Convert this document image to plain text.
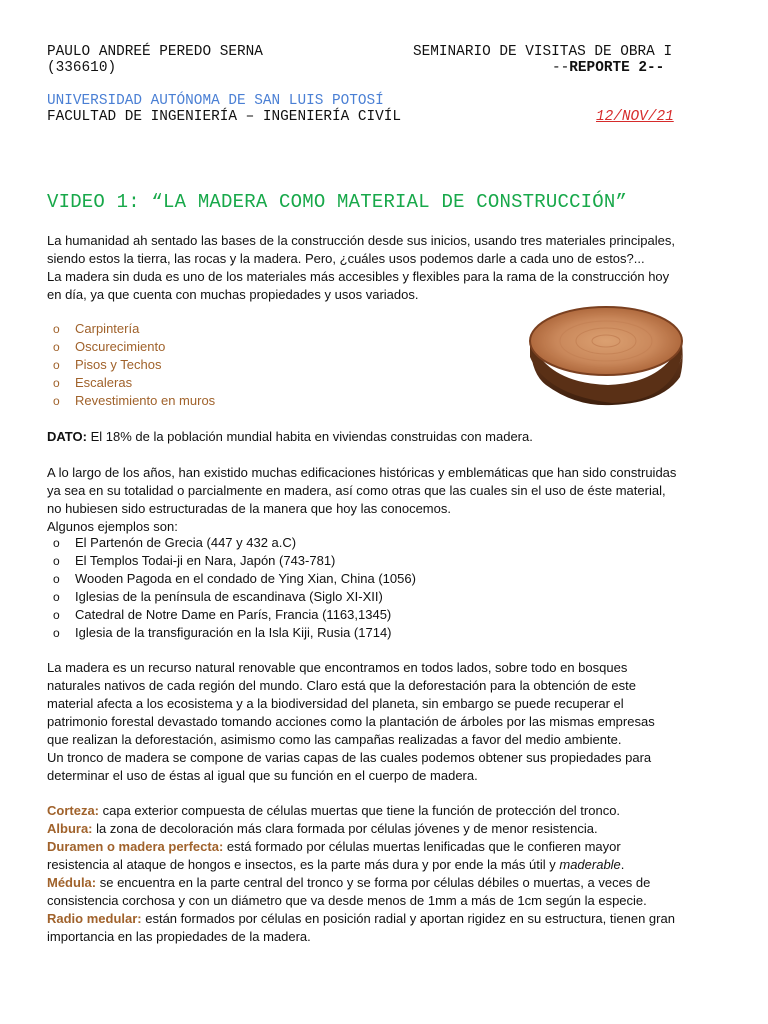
PAULO ANDREÉ PEREDO SERNA	SEMINARIO DE VISITAS DE OBRA I
(336610)	--REPORTE 2--
UNIVERSIDAD AUTÓNOMA DE SAN LUIS POTOSÍ
FACULTAD DE INGENIERÍA – INGENIERÍA CIVÍL	12/NOV/21
VIDEO 1: “LA MADERA COMO MATERIAL DE CONSTRUCCIÓN”
La humanidad ah sentado las bases de la construcción desde sus inicios, usando tres materiales principales,
siendo estos la tierra, las rocas y la madera. Pero, ¿cuáles usos podemos darle a cada uno de estos?...
La madera sin duda es uno de los materiales más accesibles y flexibles para la rama de la construcción hoy
en día, ya que cuenta con muchas propiedades y usos variados.
o Carpintería
o Oscurecimiento
o Pisos y Techos
o Escaleras
o Revestimiento en muros
DATO: El 18% de la población mundial habita en viviendas construidas con madera.
A lo largo de los años, han existido muchas edificaciones históricas y emblemáticas que han sido construidas
ya sea en su totalidad o parcialmente en madera, así como otras que las cuales sin el uso de éste material,
no hubiesen sido estructuradas de la manera que hoy las conocemos.
Algunos ejemplos son:
o El Partenón de Grecia (447 y 432 a.C)
o El Templos Todai-ji en Nara, Japón (743-781)
o Wooden Pagoda en el condado de Ying Xian, China (1056)
o Iglesias de la península de escandinava (Siglo XI-XII)
o Catedral de Notre Dame en París, Francia (1163,1345)
o Iglesia de la transfiguración en la Isla Kiji, Rusia (1714)
La madera es un recurso natural renovable que encontramos en todos lados, sobre todo en bosques
naturales nativos de cada región del mundo. Claro está que la deforestación para la obtención de este
material afecta a los ecosistema y a la biodiversidad del planeta, sin embargo se puede recuperar el
patrimonio forestal devastado tomando acciones como la plantación de árboles por las mismas empresas
que realizan la deforestación, asimismo como las campañas realizadas a favor del medio ambiente.
Un tronco de madera se compone de varias capas de las cuales podemos obtener sus propiedades para
determinar el uso de éstas al igual que su función en el cuerpo de madera.
Corteza: capa exterior compuesta de células muertas que tiene la función de protección del tronco.
Albura: la zona de decoloración más clara formada por células jóvenes y de menor resistencia.
Duramen o madera perfecta: está formado por células muertas lenificadas que le confieren mayor
resistencia al ataque de hongos e insectos, es la parte más dura y por ende la más útil y maderable.
Médula: se encuentra en la parte central del tronco y se forma por células débiles o muertas, a veces de
consistencia corchosa y con un diámetro que va desde menos de 1mm a más de 1cm según la especie.
Radio medular: están formados por células en posición radial y aportan rigidez en su estructura, tienen gran
importancia en las propiedades de la madera.
